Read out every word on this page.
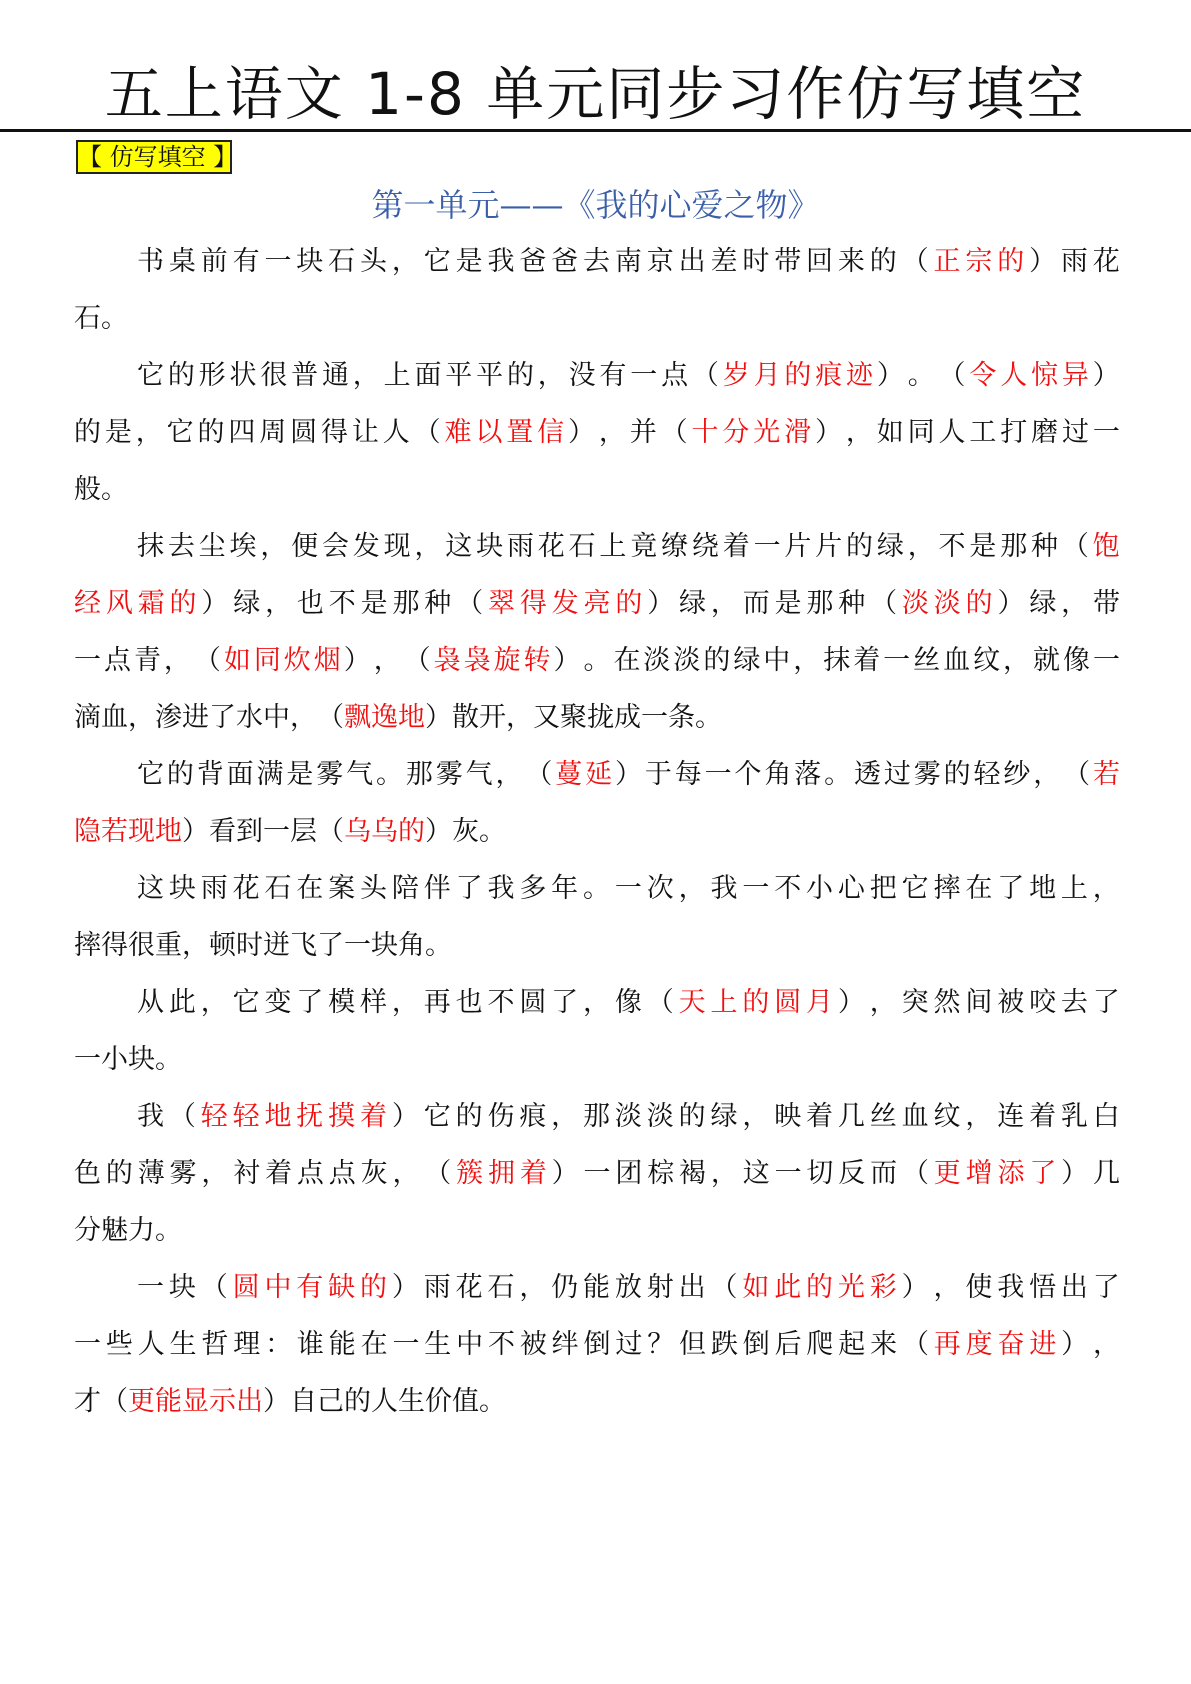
五上语文 1-8 单元同步习作仿写填空
【 仿写填空 】
第一单元——《我的心爱之物》
书 桌 前 有 一 块 石 头 ， 它 是 我 爸 爸 去 南 京 出 差 时 带 回 来 的 （ 正 宗 的 ） 雨 花
石 。
它 的 形 状 很 普 通 ， 上 面 平 平 的 ， 没 有 一 点 （ 岁 月 的 痕 迹 ） 。 （ 令 人 惊 异 ）
的 是 ， 它 的 四 周 圆 得 让 人 （ 难 以 置 信 ） ， 并 （ 十 分 光 滑 ） ， 如 同 人 工 打 磨 过 一
般 。
抹 去 尘 埃 ， 便 会 发 现 ， 这 块 雨 花 石 上 竟 缭 绕 着 一 片 片 的 绿 ， 不 是 那 种 （ 饱
经 风 霜 的 ） 绿 ， 也 不 是 那 种 （ 翠 得 发 亮 的 ） 绿 ， 而 是 那 种 （ 淡 淡 的 ） 绿 ， 带
一 点 青 ， （ 如 同 炊 烟 ） ， （ 袅 袅 旋 转 ） 。 在 淡 淡 的 绿 中 ， 抹 着 一 丝 血 纹 ， 就 像 一
滴 血 ， 渗 进 了 水 中 ， （ 飘 逸 地 ） 散 开 ， 又 聚 拢 成 一 条 。
它 的 背 面 满 是 雾 气 。 那 雾 气 ， （ 蔓 延 ） 于 每 一 个 角 落 。 透 过 雾 的 轻 纱 ， （ 若
隐 若 现 地 ） 看 到 一 层 （ 乌 乌 的 ） 灰 。
这 块 雨 花 石 在 案 头 陪 伴 了 我 多 年 。 一 次 ， 我 一 不 小 心 把 它 摔 在 了 地 上 ，
摔 得 很 重 ， 顿 时 迸 飞 了 一 块 角 。
从 此 ， 它 变 了 模 样 ， 再 也 不 圆 了 ， 像 （ 天 上 的 圆 月 ） ， 突 然 间 被 咬 去 了
一 小 块 。
我 （ 轻 轻 地 抚 摸 着 ） 它 的 伤 痕 ， 那 淡 淡 的 绿 ， 映 着 几 丝 血 纹 ， 连 着 乳 白
色 的 薄 雾 ， 衬 着 点 点 灰 ， （ 簇 拥 着 ） 一 团 棕 褐 ， 这 一 切 反 而 （ 更 增 添 了 ） 几
分 魅 力 。
一 块 （ 圆 中 有 缺 的 ） 雨 花 石 ， 仍 能 放 射 出 （ 如 此 的 光 彩 ） ， 使 我 悟 出 了
一 些 人 生 哲 理 ： 谁 能 在 一 生 中 不 被 绊 倒 过 ？ 但 跌 倒 后 爬 起 来 （ 再 度 奋 进 ） ，
才 （ 更 能 显 示 出 ） 自 己 的 人 生 价 值 。
